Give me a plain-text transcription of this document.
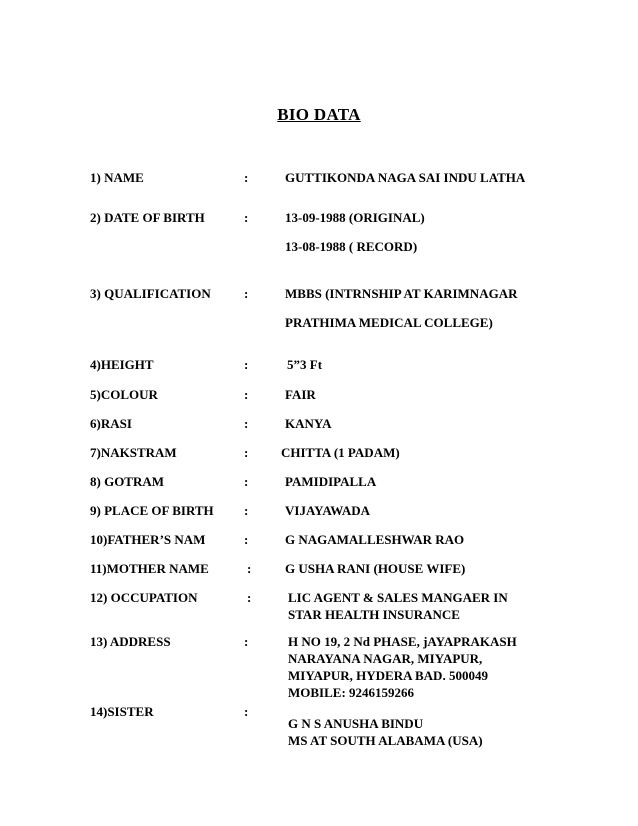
BIO DATA
1) NAME	:	GUTTIKONDA NAGA SAI INDU LATHA
2) DATE OF BIRTH	:	13-09-1988 (ORIGINAL)
13-08-1988 ( RECORD)
3) QUALIFICATION	:	MBBS (INTRNSHIP AT KARIMNAGAR
PRATHIMA MEDICAL COLLEGE)
4)HEIGHT	:	5”3 Ft
5)COLOUR	:	FAIR
6)RASI	:	KANYA
7)NAKSTRAM	:	CHITTA (1 PADAM)
8) GOTRAM	:	PAMIDIPALLA
9) PLACE OF BIRTH :	VIJAYAWADA
10)FATHER’S NAM	:	G NAGAMALLESHWAR RAO
11)MOTHER NAME	:	G USHA RANI (HOUSE WIFE)
12) OCCUPATION	:	LIC AGENT & SALES MANGAER IN
STAR HEALTH INSURANCE
13) ADDRESS	:	H NO 19, 2 Nd PHASE, jAYAPRAKASH
NARAYANA NAGAR, MIYAPUR,
MIYAPUR, HYDERA BAD. 500049
MOBILE: 9246159266
14)SISTER	:
G N S ANUSHA BINDU
MS AT SOUTH ALABAMA (USA)
